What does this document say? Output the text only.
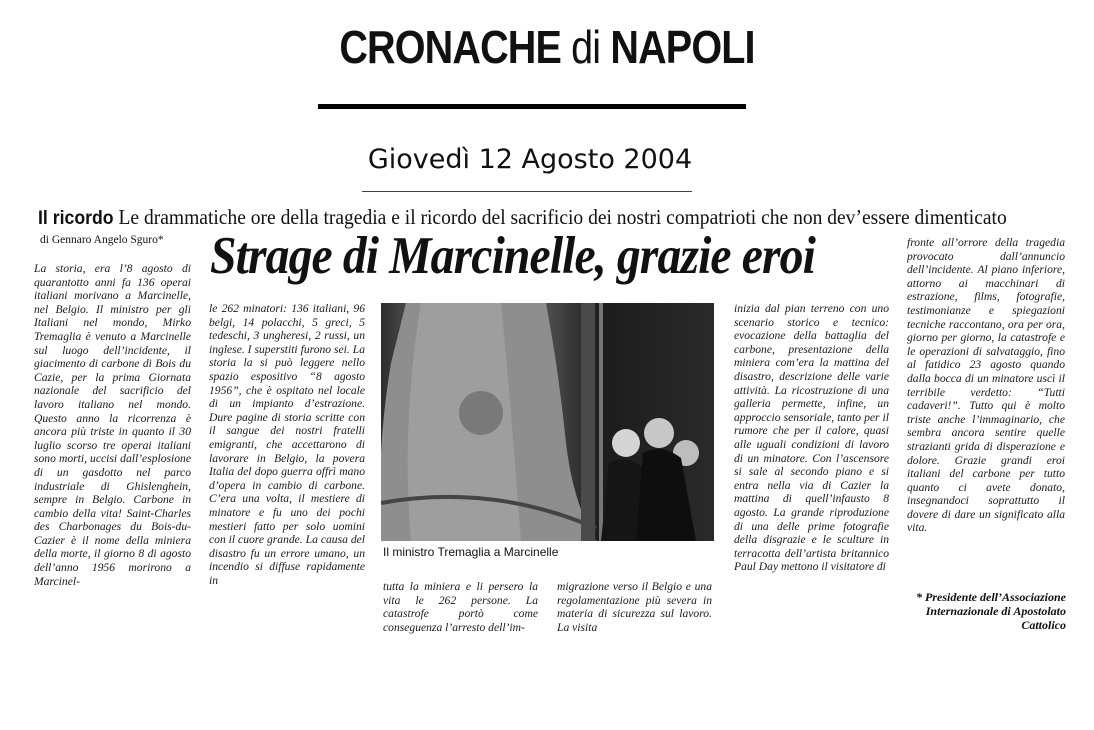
CRONACHE di NAPOLI
Giovedì 12 Agosto 2004
Il ricordo Le drammatiche ore della tragedia e il ricordo del sacrificio dei nostri compatrioti che non dev’essere dimenticato
di Gennaro Angelo Sguro* Strage di Marcinelle, grazie eroi
La storia, era l’8 agosto di quarantotto anni fa 136 operai italiani morivano a Marcinelle, nel Belgio. Il ministro per gli Italiani nel mondo, Mirko Tremaglia è venuto a Marcinelle sul luogo dell’incidente, il giacimento di carbone di Bois du Cazie, per la prima Giornata nazionale del sacrificio del lavoro italiano nel mondo. Questo anno la ricorrenza è ancora più triste in quanto il 30 luglio scorso tre operai italiani sono morti, uccisi dall’esplosione di un gasdotto nel parco industriale di Ghislenghein, sempre in Belgio. Carbone in cambio della vita! Saint-Charles des Charbonages du Bois-du-Cazier è il nome della miniera della morte, il giorno 8 di agosto dell’anno 1956 morirono a Marcinel-
le 262 minatori: 136 italiani, 96 belgi, 14 polacchi, 5 greci, 5 tedeschi, 3 ungheresi, 2 russi, un inglese. I superstiti furono sei. La storia la si può leggere nello spazio espositivo “8 agosto 1956”, che è ospitato nel locale di un impianto d’estrazione. Dure pagine di storia scritte con il sangue dei nostri fratelli emigranti, che accettarono di lavorare in Belgio, la povera Italia del dopo guerra offrì mano d’opera in cambio di carbone. C’era una volta, il mestiere di minatore e fu uno dei pochi mestieri fatto per solo uomini con il cuore grande. La causa del disastro fu un errore umano, un incendio si diffuse rapidamente in
Il ministro Tremaglia a Marcinelle
tutta la miniera e li persero la vita le 262 persone. La catastrofe portò come conseguenza l’arresto dell’im-
migrazione verso il Belgio e una regolamentazione più severa in materia di sicurezza sul lavoro. La visita
inizia dal pian terreno con uno scenario storico e tecnico: evocazione della battaglia del carbone, presentazione della miniera com’era la mattina del disastro, descrizione delle varie attività. La ricostruzione di una galleria permette, infine, un approccio sensoriale, tanto per il rumore che per il calore, quasi alle uguali condizioni di lavoro di un minatore. Con l’ascensore si sale al secondo piano e si entra nella via di Cazier la mattina di quell’infausto 8 agosto. La grande riproduzione di una delle prime fotografie della disgrazie e le sculture in terracotta dell’artista britannico Paul Day mettono il visitatore di
fronte all’orrore della tragedia provocato dall’annuncio dell’incidente. Al piano inferiore, attorno ai macchinari di estrazione, films, fotografie, testimonianze e spiegazioni tecniche raccontano, ora per ora, giorno per giorno, la catastrofe e le operazioni di salvataggio, fino al fatidico 23 agosto quando dalla bocca di un minatore uscì il terribile verdetto: “Tutti cadaveri!”. Tutto qui è molto triste anche l’immaginario, che sembra ancora sentire quelle strazianti grida di disperazione e dolore. Grazie grandi eroi italiani del carbone per tutto quanto ci avete donato, insegnandoci soprattutto il dovere di dare un significato alla vita.
* Presidente dell’Associazione Internazionale di Apostolato Cattolico
